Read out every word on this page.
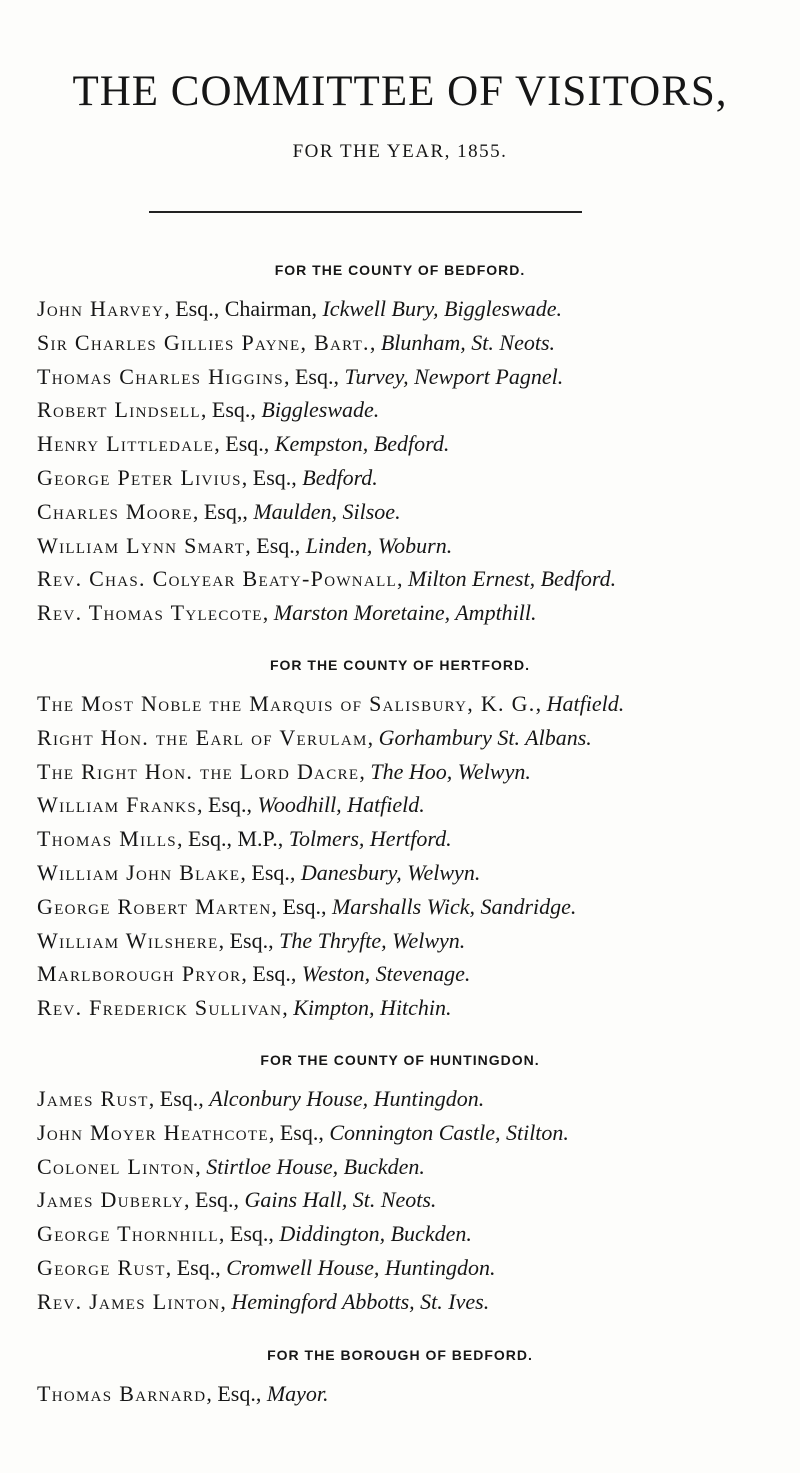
THE COMMITTEE OF VISITORS,

FOR THE YEAR, 1855.

FOR THE COUNTY OF BEDFORD.
John Harvey, Esq., Chairman, Ickwell Bury, Biggleswade.
Sir Charles Gillies Payne, Bart., Blunham, St. Neots.
Thomas Charles Higgins, Esq., Turvey, Newport Pagnel.
Robert Lindsell, Esq., Biggleswade.
Henry Littledale, Esq., Kempston, Bedford.
George Peter Livius, Esq., Bedford.
Charles Moore, Esq,, Maulden, Silsoe.
William Lynn Smart, Esq., Linden, Woburn.
Rev. Chas. Colyear Beaty-Pownall, Milton Ernest, Bedford.
Rev. Thomas Tylecote, Marston Moretaine, Ampthill.
FOR THE COUNTY OF HERTFORD.
The Most Noble the Marquis of Salisbury, K. G., Hatfield.
Right Hon. the Earl of Verulam, Gorhambury St. Albans.
The Right Hon. the Lord Dacre, The Hoo, Welwyn.
William Franks, Esq., Woodhill, Hatfield.
Thomas Mills, Esq., M.P., Tolmers, Hertford.
William John Blake, Esq., Danesbury, Welwyn.
George Robert Marten, Esq., Marshalls Wick, Sandridge.
William Wilshere, Esq., The Thryfte, Welwyn.
Marlborough Pryor, Esq., Weston, Stevenage.
Rev. Frederick Sullivan, Kimpton, Hitchin.
FOR THE COUNTY OF HUNTINGDON.
James Rust, Esq., Alconbury House, Huntingdon.
John Moyer Heathcote, Esq., Connington Castle, Stilton.
Colonel Linton, Stirtloe House, Buckden.
James Duberly, Esq., Gains Hall, St. Neots.
George Thornhill, Esq., Diddington, Buckden.
George Rust, Esq., Cromwell House, Huntingdon.
Rev. James Linton, Hemingford Abbotts, St. Ives.
FOR THE BOROUGH OF BEDFORD.
Thomas Barnard, Esq., Mayor.
